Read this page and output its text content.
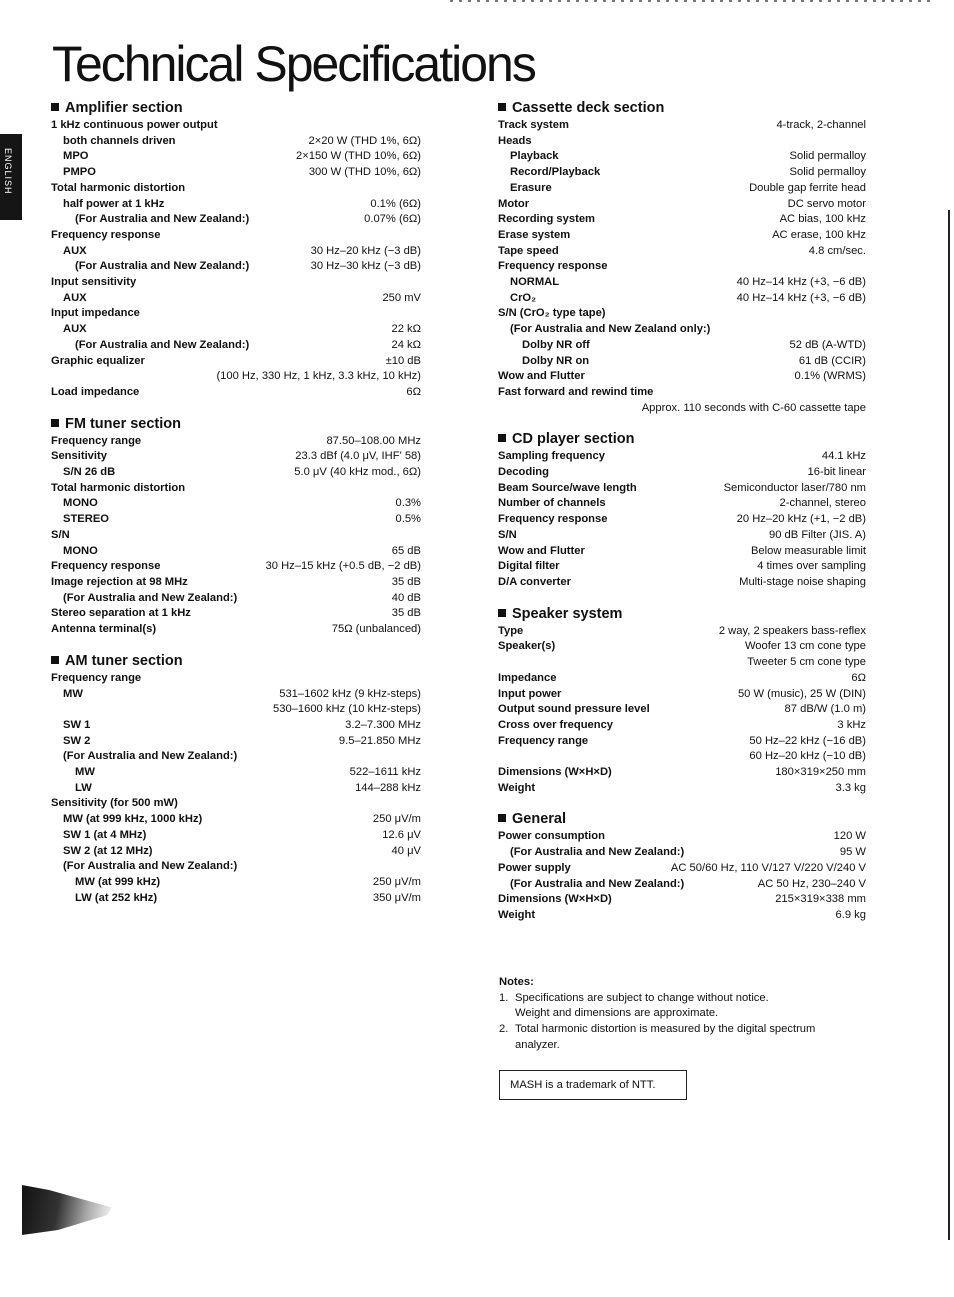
Technical Specifications
ENGLISH
Amplifier section
1 kHz continuous power output
both channels driven	2×20 W (THD 1%, 6Ω)
MPO	2×150 W (THD 10%, 6Ω)
PMPO	300 W (THD 10%, 6Ω)
Total harmonic distortion
half power at 1 kHz	0.1% (6Ω)
(For Australia and New Zealand:)	0.07% (6Ω)
Frequency response
AUX	30 Hz–20 kHz (−3 dB)
(For Australia and New Zealand:)	30 Hz–30 kHz (−3 dB)
Input sensitivity
AUX	250 mV
Input impedance
AUX	22 kΩ
(For Australia and New Zealand:)	24 kΩ
Graphic equalizer	±10 dB
(100 Hz, 330 Hz, 1 kHz, 3.3 kHz, 10 kHz)
Load impedance	6Ω
FM tuner section
Frequency range	87.50–108.00 MHz
Sensitivity	23.3 dBf (4.0 μV, IHF' 58)
S/N 26 dB	5.0 μV (40 kHz mod., 6Ω)
Total harmonic distortion
MONO	0.3%
STEREO	0.5%
S/N
MONO	65 dB
Frequency response	30 Hz–15 kHz (+0.5 dB, −2 dB)
Image rejection at 98 MHz	35 dB
(For Australia and New Zealand:)	40 dB
Stereo separation at 1 kHz	35 dB
Antenna terminal(s)	75Ω (unbalanced)
AM tuner section
Frequency range
MW	531–1602 kHz (9 kHz-steps)
530–1600 kHz (10 kHz-steps)
SW 1	3.2–7.300 MHz
SW 2	9.5–21.850 MHz
(For Australia and New Zealand:)
MW	522–1611 kHz
LW	144–288 kHz
Sensitivity (for 500 mW)
MW (at 999 kHz, 1000 kHz)	250 μV/m
SW 1 (at 4 MHz)	12.6 μV
SW 2 (at 12 MHz)	40 μV
(For Australia and New Zealand:)
MW (at 999 kHz)	250 μV/m
LW (at 252 kHz)	350 μV/m
Cassette deck section
Track system	4-track, 2-channel
Heads
Playback	Solid permalloy
Record/Playback	Solid permalloy
Erasure	Double gap ferrite head
Motor	DC servo motor
Recording system	AC bias, 100 kHz
Erase system	AC erase, 100 kHz
Tape speed	4.8 cm/sec.
Frequency response
NORMAL	40 Hz–14 kHz (+3, −6 dB)
CrO₂	40 Hz–14 kHz (+3, −6 dB)
S/N (CrO₂ type tape)
(For Australia and New Zealand only:)
Dolby NR off	52 dB (A-WTD)
Dolby NR on	61 dB (CCIR)
Wow and Flutter	0.1% (WRMS)
Fast forward and rewind time
Approx. 110 seconds with C-60 cassette tape
CD player section
Sampling frequency	44.1 kHz
Decoding	16-bit linear
Beam Source/wave length	Semiconductor laser/780 nm
Number of channels	2-channel, stereo
Frequency response	20 Hz–20 kHz (+1, −2 dB)
S/N	90 dB Filter (JIS. A)
Wow and Flutter	Below measurable limit
Digital filter	4 times over sampling
D/A converter	Multi-stage noise shaping
Speaker system
Type	2 way, 2 speakers bass-reflex
Speaker(s)	Woofer 13 cm cone type
Tweeter 5 cm cone type
Impedance	6Ω
Input power	50 W (music), 25 W (DIN)
Output sound pressure level	87 dB/W (1.0 m)
Cross over frequency	3 kHz
Frequency range	50 Hz–22 kHz (−16 dB)
60 Hz–20 kHz (−10 dB)
Dimensions (W×H×D)	180×319×250 mm
Weight	3.3 kg
General
Power consumption	120 W
(For Australia and New Zealand:)	95 W
Power supply	AC 50/60 Hz, 110 V/127 V/220 V/240 V
(For Australia and New Zealand:)	AC 50 Hz, 230–240 V
Dimensions (W×H×D)	215×319×338 mm
Weight	6.9 kg
Notes:
1. Specifications are subject to change without notice.
Weight and dimensions are approximate.
2. Total harmonic distortion is measured by the digital spectrum
analyzer.
MASH is a trademark of NTT.
